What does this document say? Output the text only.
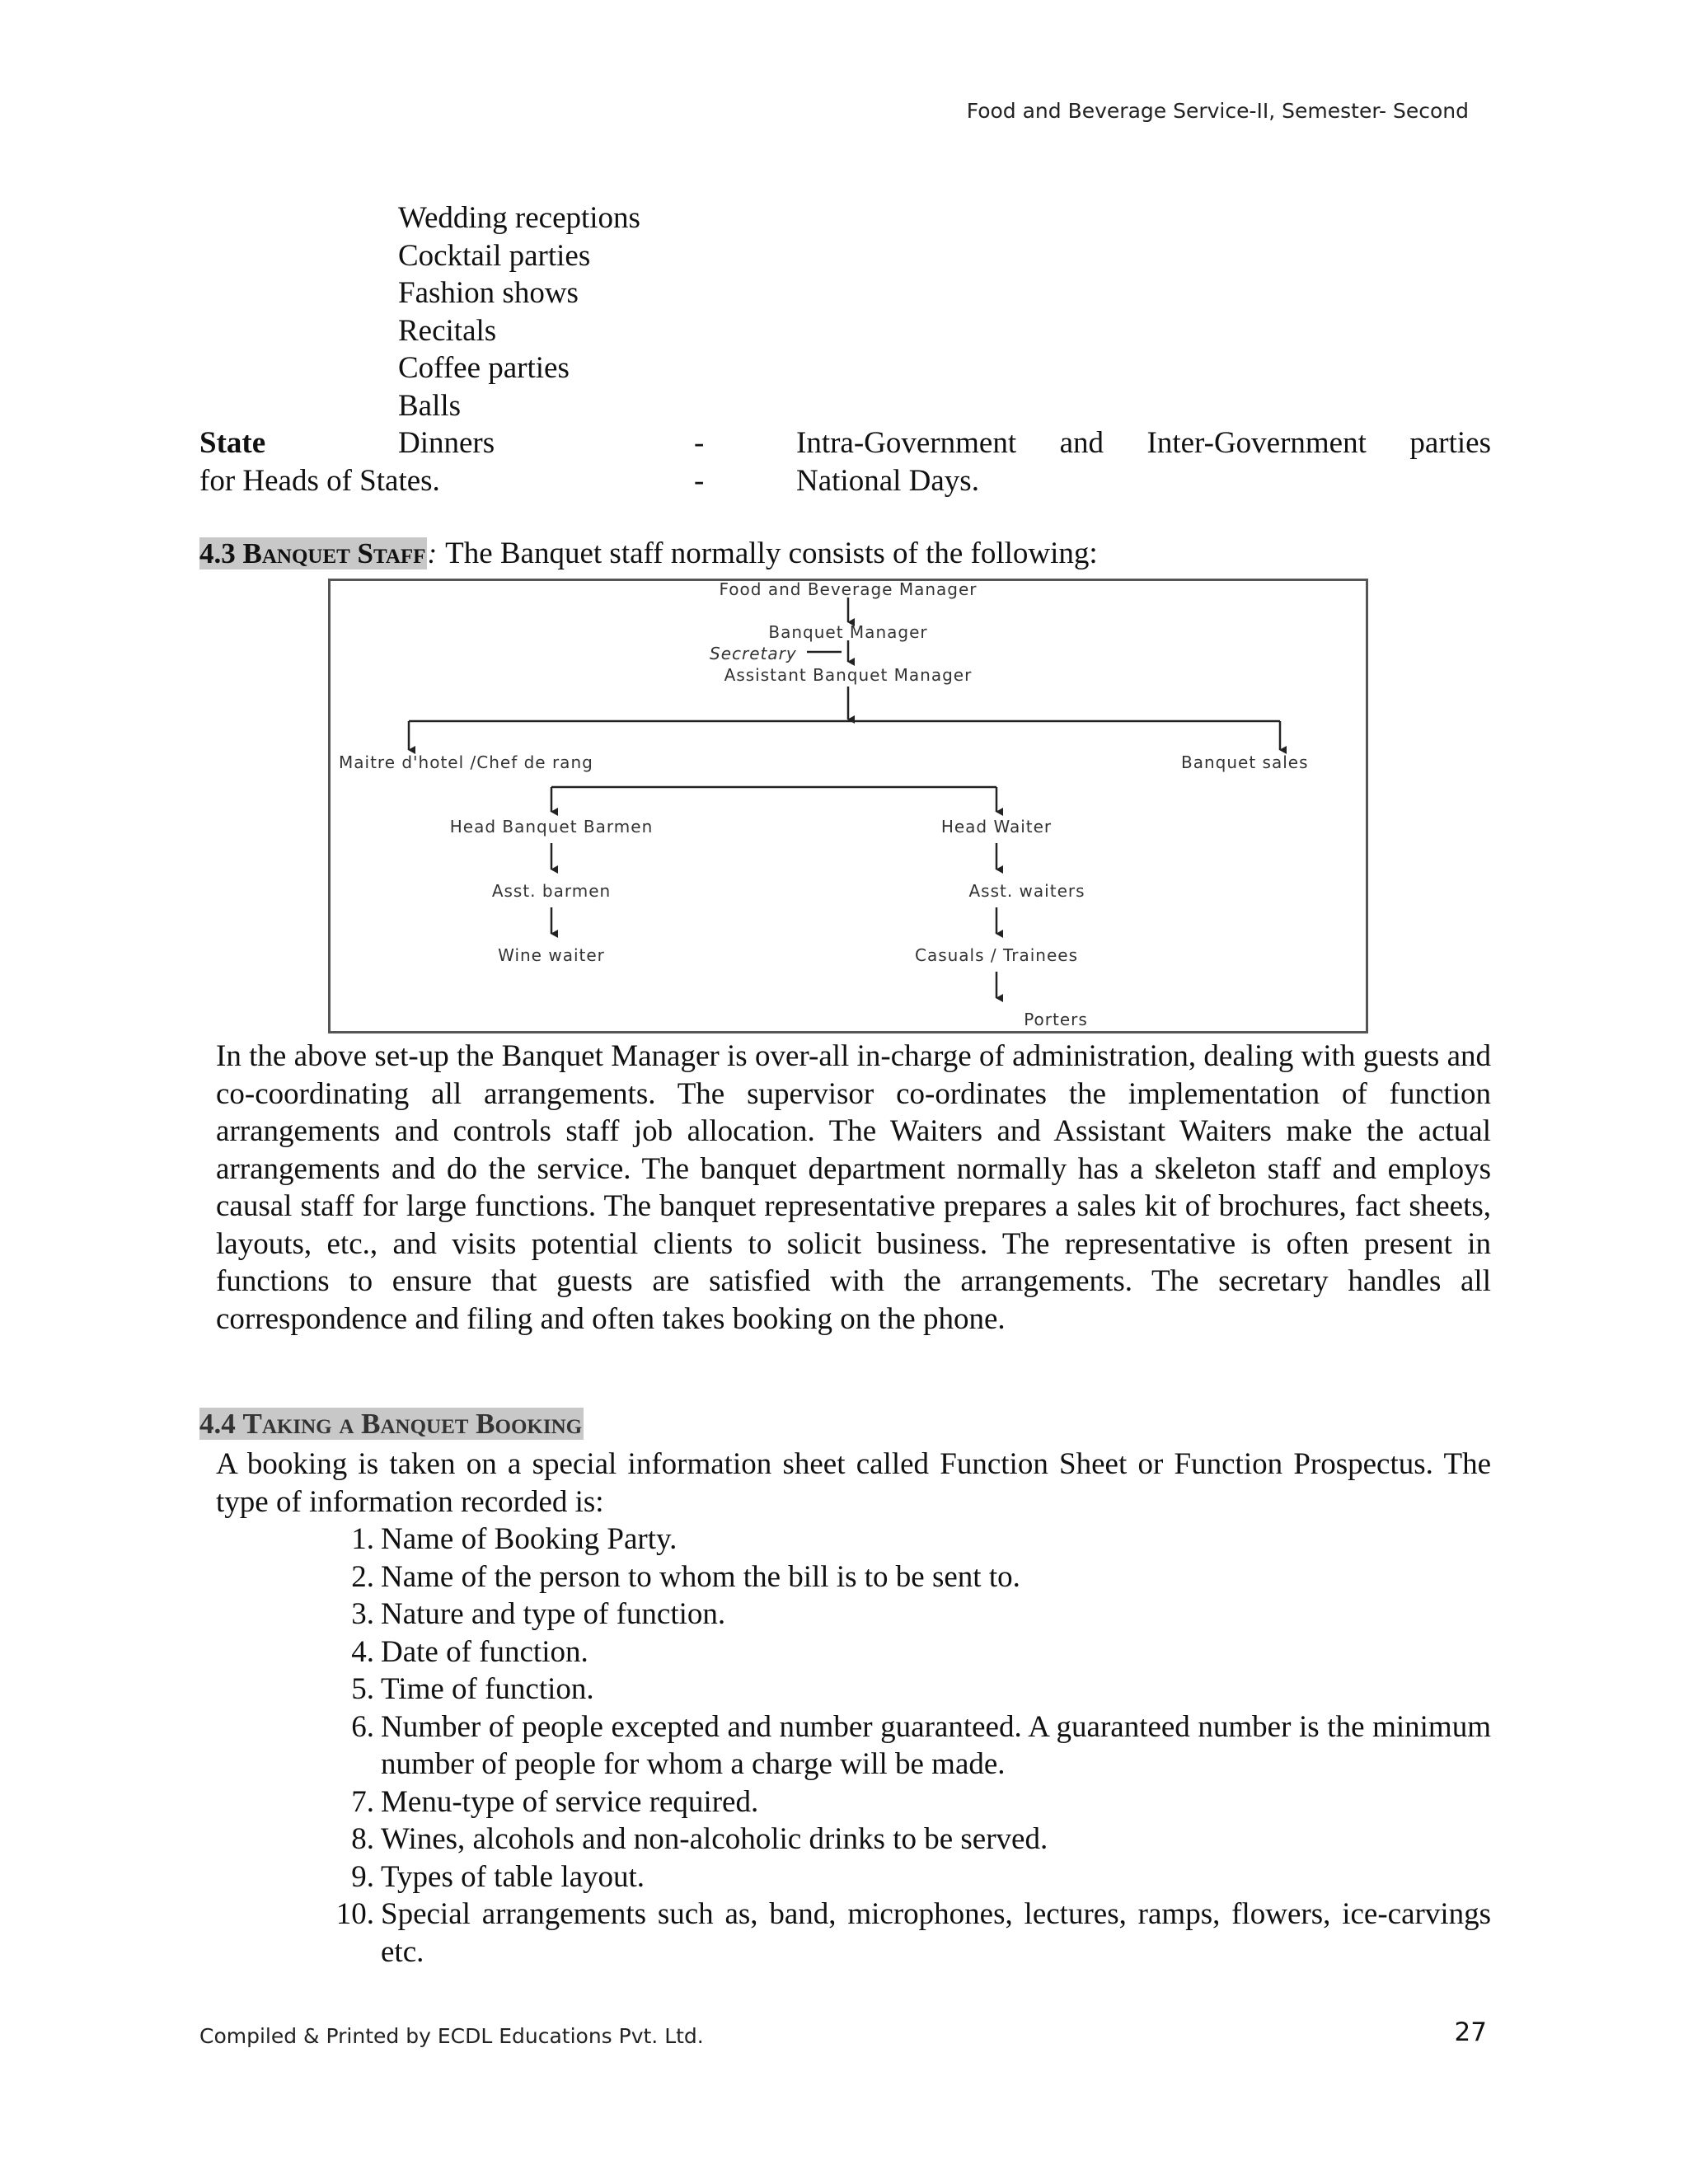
Food and Beverage Service-II, Semester- Second
Wedding receptions
Cocktail parties
Fashion shows
Recitals
Coffee parties
Balls
State	Dinners	-	Intra-Government and Inter-Government parties
for Heads of States.	-	National Days.
4.3 Banquet Staff: The Banquet staff normally consists of the following:
Food and Beverage Manager
Banquet Manager
Secretary
Assistant Banquet Manager
Maitre d'hotel /Chef de rang	Banquet sales
Head Banquet Barmen	Head Waiter
Asst. barmen	Asst. waiters
Wine waiter	Casuals / Trainees
Porters
In the above set-up the Banquet Manager is over-all in-charge of administration, dealing with guests and co-coordinating all arrangements. The supervisor co-ordinates the implementation of function arrangements and controls staff job allocation. The Waiters and Assistant Waiters make the actual arrangements and do the service. The banquet department normally has a skeleton staff and employs causal staff for large functions. The banquet representative prepares a sales kit of brochures, fact sheets, layouts, etc., and visits potential clients to solicit business. The representative is often present in functions to ensure that guests are satisfied with the arrangements. The secretary handles all correspondence and filing and often takes booking on the phone.
4.4 Taking a Banquet Booking
A booking is taken on a special information sheet called Function Sheet or Function Prospectus. The type of information recorded is:
1. Name of Booking Party.
2. Name of the person to whom the bill is to be sent to.
3. Nature and type of function.
4. Date of function.
5. Time of function.
6. Number of people excepted and number guaranteed. A guaranteed number is the minimum number of people for whom a charge will be made.
7. Menu-type of service required.
8. Wines, alcohols and non-alcoholic drinks to be served.
9. Types of table layout.
10. Special arrangements such as, band, microphones, lectures, ramps, flowers, ice-carvings etc.
Compiled & Printed by ECDL Educations Pvt. Ltd.	27
